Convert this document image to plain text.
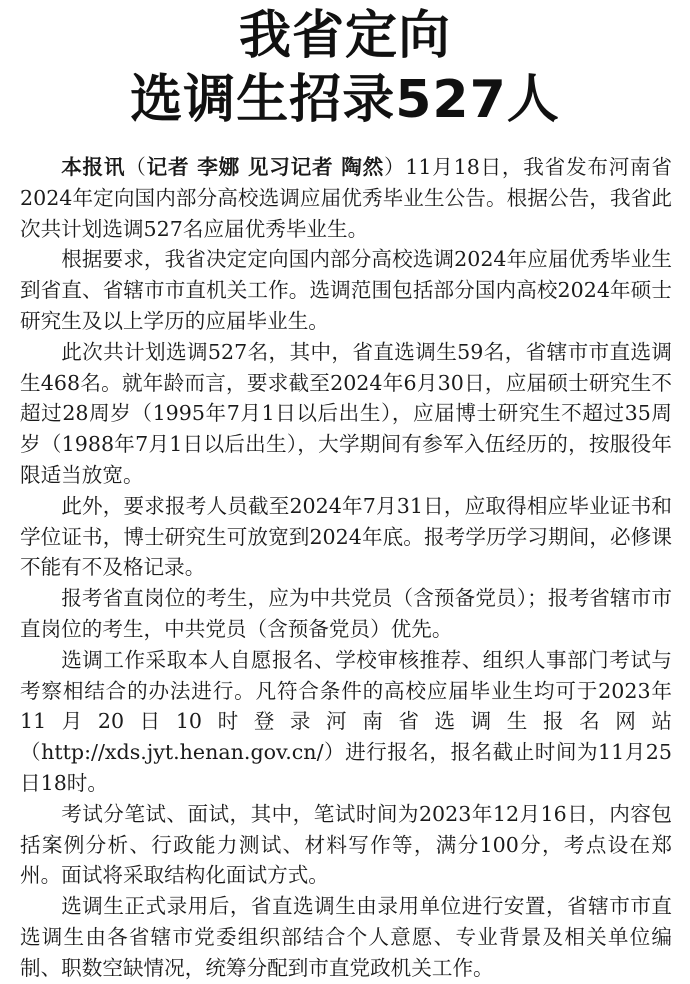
我省定向
选调生招录527人

本报讯（记者 李娜 见习记者 陶然）11月18日，我省发布河南省2024年定向国内部分高校选调应届优秀毕业生公告。根据公告，我省此次共计划选调527名应届优秀毕业生。

根据要求，我省决定定向国内部分高校选调2024年应届优秀毕业生到省直、省辖市市直机关工作。选调范围包括部分国内高校2024年硕士研究生及以上学历的应届毕业生。

此次共计划选调527名，其中，省直选调生59名，省辖市市直选调生468名。就年龄而言，要求截至2024年6月30日，应届硕士研究生不超过28周岁（1995年7月1日以后出生），应届博士研究生不超过35周岁（1988年7月1日以后出生），大学期间有参军入伍经历的，按服役年限适当放宽。

此外，要求报考人员截至2024年7月31日，应取得相应毕业证书和学位证书，博士研究生可放宽到2024年底。报考学历学习期间，必修课不能有不及格记录。

报考省直岗位的考生，应为中共党员（含预备党员）；报考省辖市市直岗位的考生，中共党员（含预备党员）优先。

选调工作采取本人自愿报名、学校审核推荐、组织人事部门考试与考察相结合的办法进行。凡符合条件的高校应届毕业生均可于2023年11月20日10时登录河南省选调生报名网站（http://xds.jyt.henan.gov.cn/）进行报名，报名截止时间为11月25日18时。

考试分笔试、面试，其中，笔试时间为2023年12月16日，内容包括案例分析、行政能力测试、材料写作等，满分100分，考点设在郑州。面试将采取结构化面试方式。

选调生正式录用后，省直选调生由录用单位进行安置，省辖市市直选调生由各省辖市党委组织部结合个人意愿、专业背景及相关单位编制、职数空缺情况，统筹分配到市直党政机关工作。
